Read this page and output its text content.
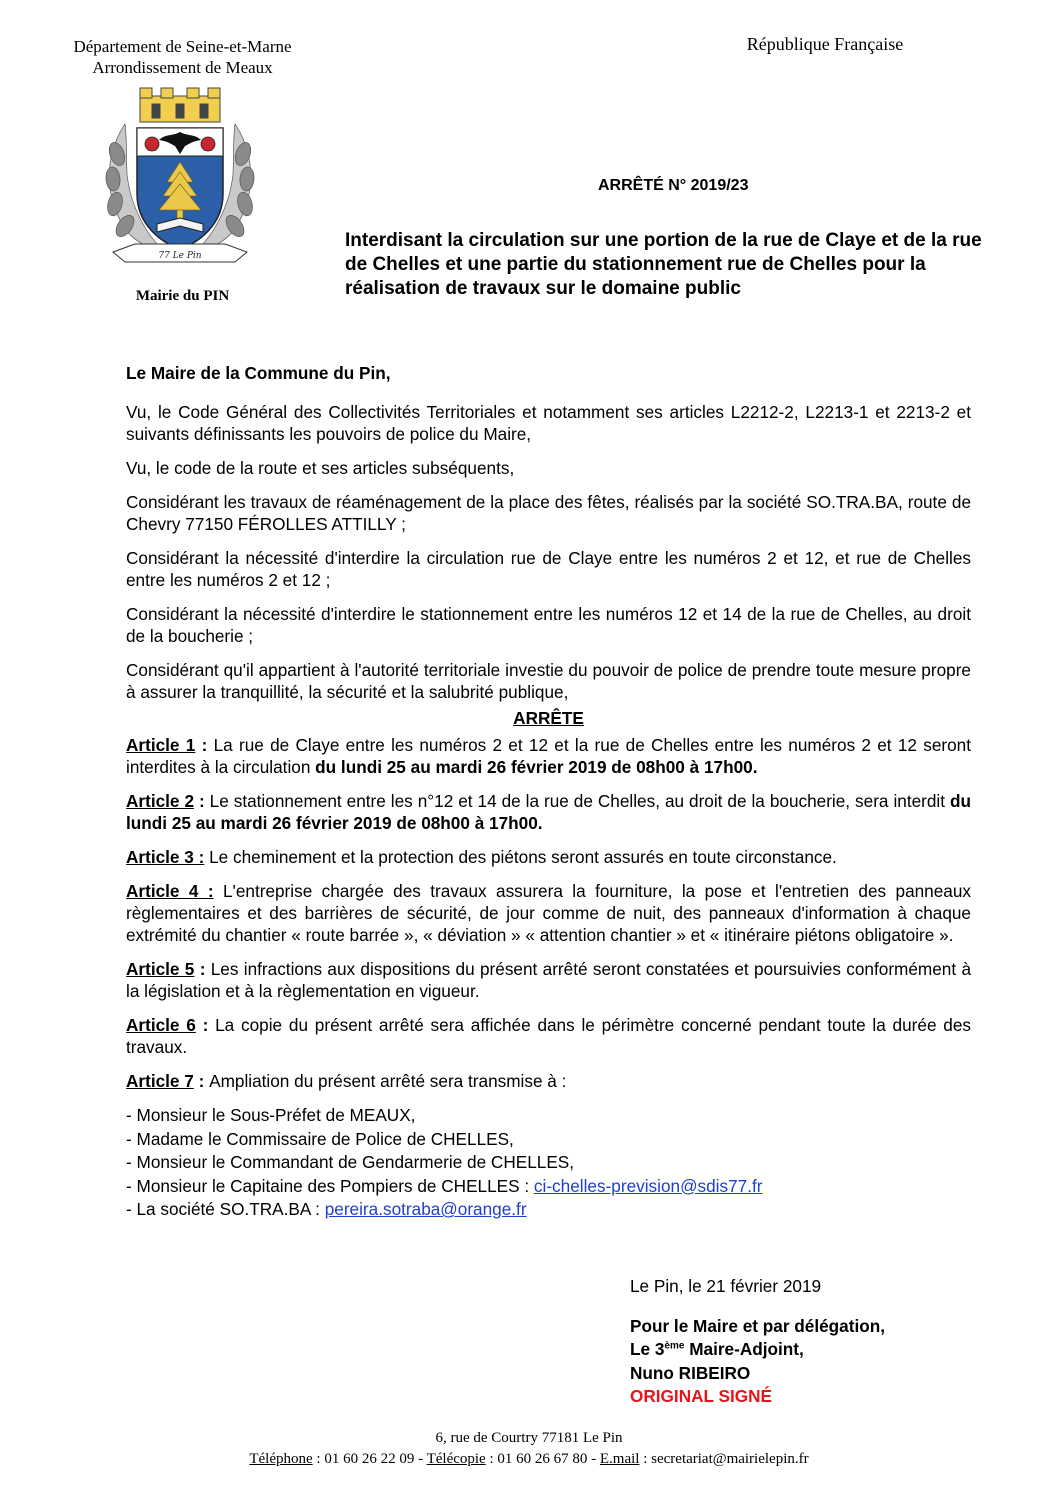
Département de Seine-et-Marne
Arrondissement de Meaux
République Française
77 Le Pin
Mairie du PIN
ARRÊTÉ N° 2019/23
Interdisant la circulation sur une portion de la rue de Claye et de la rue de Chelles et une partie du stationnement rue de Chelles pour la réalisation de travaux sur le domaine public

Le Maire de la Commune du Pin,

Vu, le Code Général des Collectivités Territoriales et notamment ses articles L2212-2, L2213-1 et 2213-2 et suivants définissants les pouvoirs de police du Maire,

Vu, le code de la route et ses articles subséquents,

Considérant les travaux de réaménagement de la place des fêtes, réalisés par la société SO.TRA.BA, route de Chevry 77150 FÉROLLES ATTILLY ;

Considérant la nécessité d'interdire la circulation rue de Claye entre les numéros 2 et 12, et rue de Chelles entre les numéros 2 et 12 ;

Considérant la nécessité d'interdire le stationnement entre les numéros 12 et 14 de la rue de Chelles, au droit de la boucherie ;

Considérant qu'il appartient à l'autorité territoriale investie du pouvoir de police de prendre toute mesure propre à assurer la tranquillité, la sécurité et la salubrité publique,

ARRÊTE

Article 1 : La rue de Claye entre les numéros 2 et 12 et la rue de Chelles entre les numéros 2 et 12 seront interdites à la circulation du lundi 25 au mardi 26 février 2019 de 08h00 à 17h00.

Article 2 : Le stationnement entre les n°12 et 14 de la rue de Chelles, au droit de la boucherie, sera interdit du lundi 25 au mardi 26 février 2019 de 08h00 à 17h00.

Article 3 : Le cheminement et la protection des piétons seront assurés en toute circonstance.

Article 4 : L'entreprise chargée des travaux assurera la fourniture, la pose et l'entretien des panneaux règlementaires et des barrières de sécurité, de jour comme de nuit, des panneaux d'information à chaque extrémité du chantier « route barrée », « déviation » « attention chantier » et « itinéraire piétons obligatoire ».

Article 5 : Les infractions aux dispositions du présent arrêté seront constatées et poursuivies conformément à la législation et à la règlementation en vigueur.

Article 6 : La copie du présent arrêté sera affichée dans le périmètre concerné pendant toute la durée des travaux.

Article 7 : Ampliation du présent arrêté sera transmise à :

- Monsieur le Sous-Préfet de MEAUX,
- Madame le Commissaire de Police de CHELLES,
- Monsieur le Commandant de Gendarmerie de CHELLES,
- Monsieur le Capitaine des Pompiers de CHELLES : ci-chelles-prevision@sdis77.fr
- La société SO.TRA.BA : pereira.sotraba@orange.fr
Le Pin, le 21 février 2019
Pour le Maire et par délégation,
Le 3ème Maire-Adjoint,
Nuno RIBEIRO
ORIGINAL SIGNÉ
6, rue de Courtry 77181 Le Pin
Téléphone : 01 60 26 22 09 - Télécopie : 01 60 26 67 80 - E.mail : secretariat@mairielepin.fr
